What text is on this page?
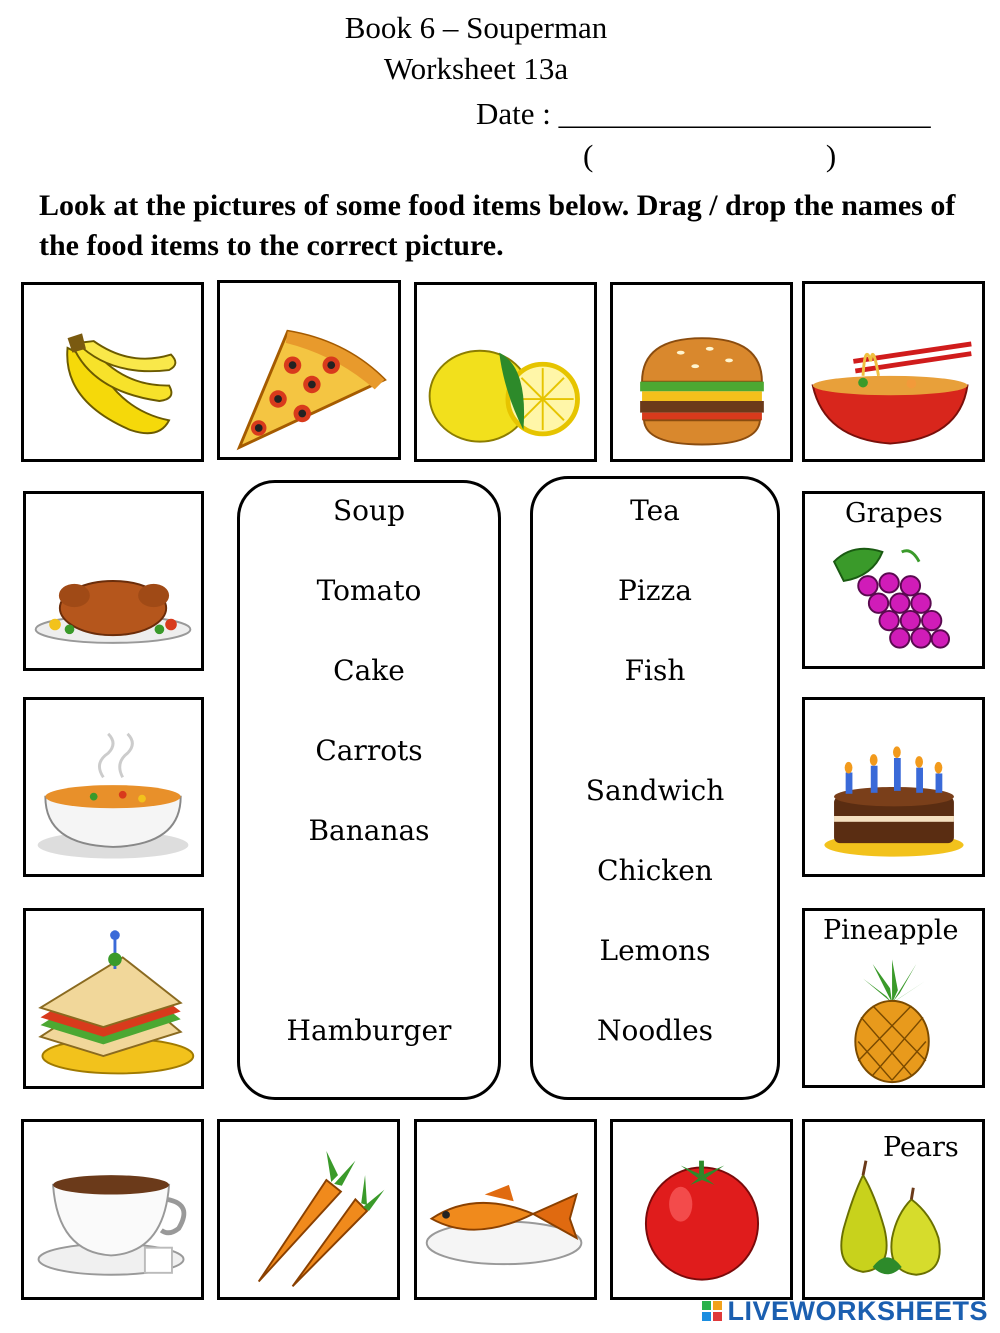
Book 6 – Souperman
Worksheet 13a
Date : ________________________
(                              )
Look at the pictures of some food items below. Drag / drop the names of the food items to the correct picture.
Grapes
Pineapple
Pears
Soup
Tomato
Cake
Carrots
Bananas
Hamburger
Tea
Pizza
Fish
Sandwich
Chicken
Lemons
Noodles
LIVEWORKSHEETS
